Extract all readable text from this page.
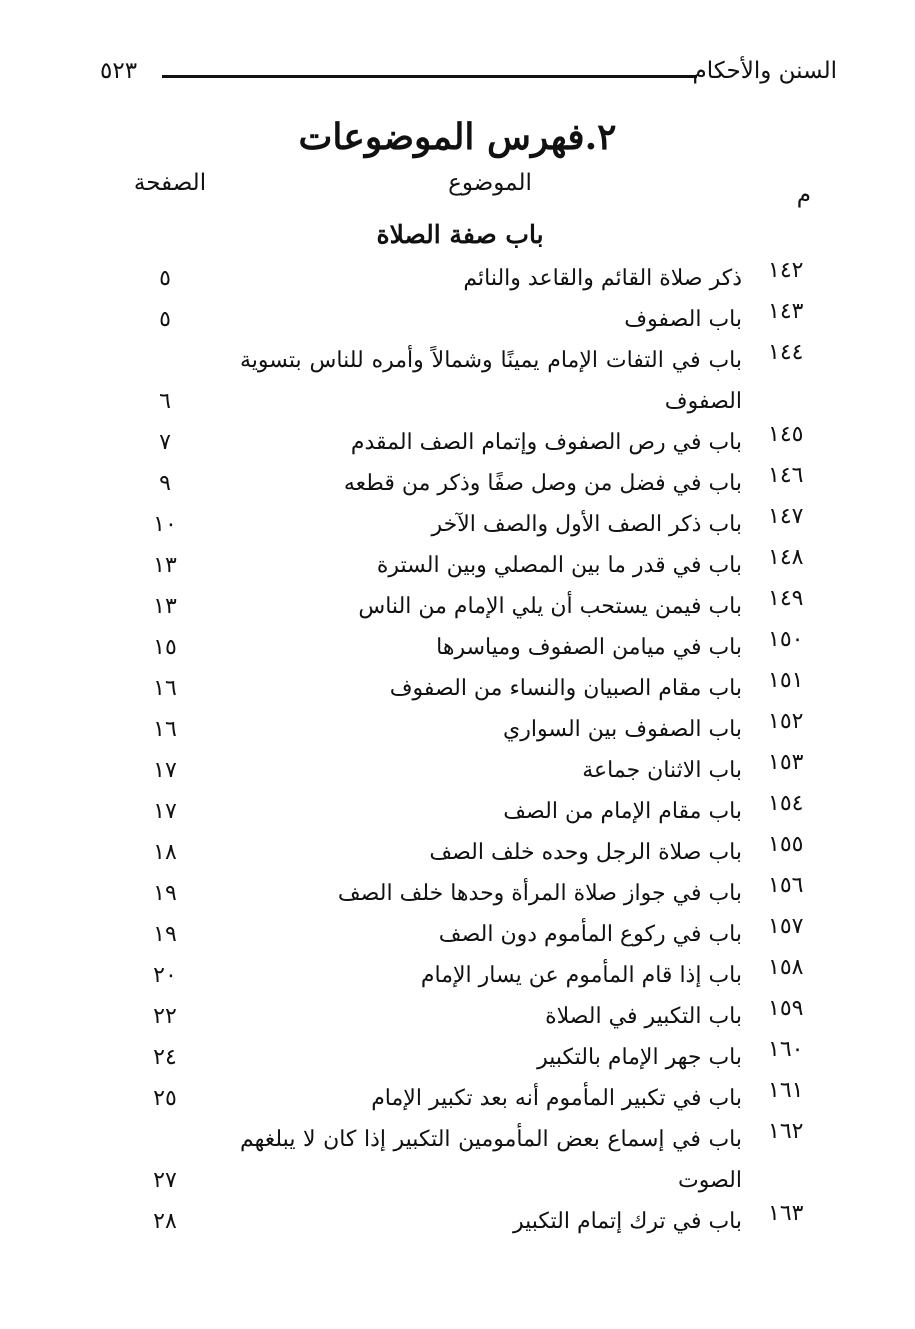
السنن والأحكام
٥٢٣
٢.فهرس الموضوعات
م
الموضوع
الصفحة
باب صفة الصلاة
١٤٢
ذكر صلاة القائم والقاعد والنائم
٥
١٤٣
باب الصفوف
٥
١٤٤
باب في التفات الإمام يمينًا وشمالاً وأمره للناس بتسوية الصفوف
٦
١٤٥
باب في رص الصفوف وإتمام الصف المقدم
٧
١٤٦
باب في فضل من وصل صفًا وذكر من قطعه
٩
١٤٧
باب ذكر الصف الأول والصف الآخر
١٠
١٤٨
باب في قدر ما بين المصلي وبين السترة
١٣
١٤٩
باب فيمن يستحب أن يلي الإمام من الناس
١٣
١٥٠
باب في ميامن الصفوف ومياسرها
١٥
١٥١
باب مقام الصبيان والنساء من الصفوف
١٦
١٥٢
باب الصفوف بين السواري
١٦
١٥٣
باب الاثنان جماعة
١٧
١٥٤
باب مقام الإمام من الصف
١٧
١٥٥
باب صلاة الرجل وحده خلف الصف
١٨
١٥٦
باب في جواز صلاة المرأة وحدها خلف الصف
١٩
١٥٧
باب في ركوع المأموم دون الصف
١٩
١٥٨
باب إذا قام المأموم عن يسار الإمام
٢٠
١٥٩
باب التكبير في الصلاة
٢٢
١٦٠
باب جهر الإمام بالتكبير
٢٤
١٦١
باب في تكبير المأموم أنه بعد تكبير الإمام
٢٥
١٦٢
باب في إسماع بعض المأمومين التكبير إذا كان لا يبلغهم الصوت
٢٧
١٦٣
باب في ترك إتمام التكبير
٢٨
